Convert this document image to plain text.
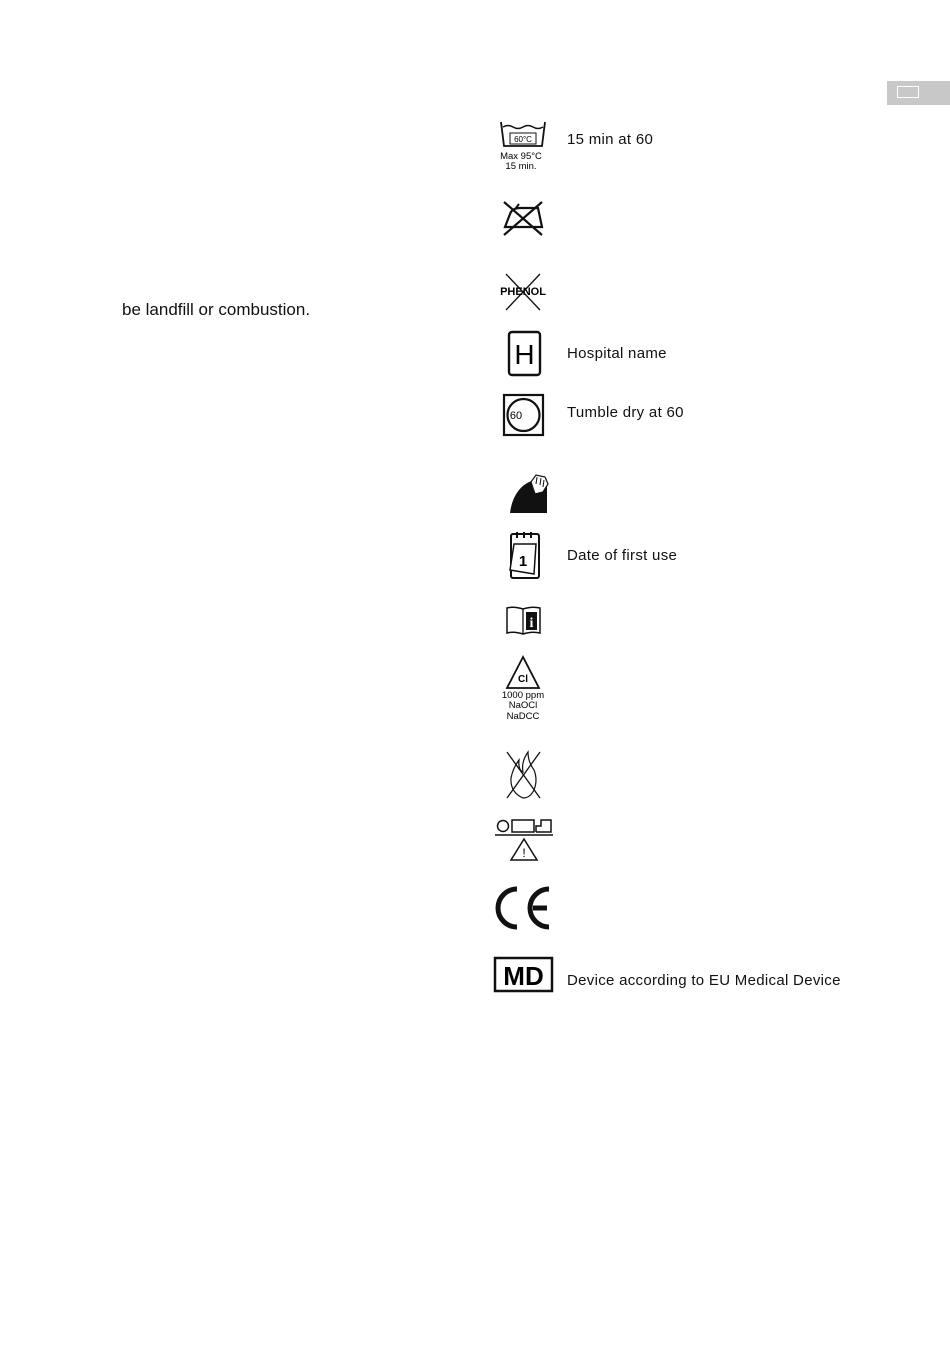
be landfill or combustion.
60°C
Max 95°C
15 min.
15 min at 60
PHENOL
H Hospital name
60	Tumble dry at 60
1	Date of first use
i
Cl
1000 ppm
NaOCl
NaDCC
!
MD Device according to EU Medical Device
